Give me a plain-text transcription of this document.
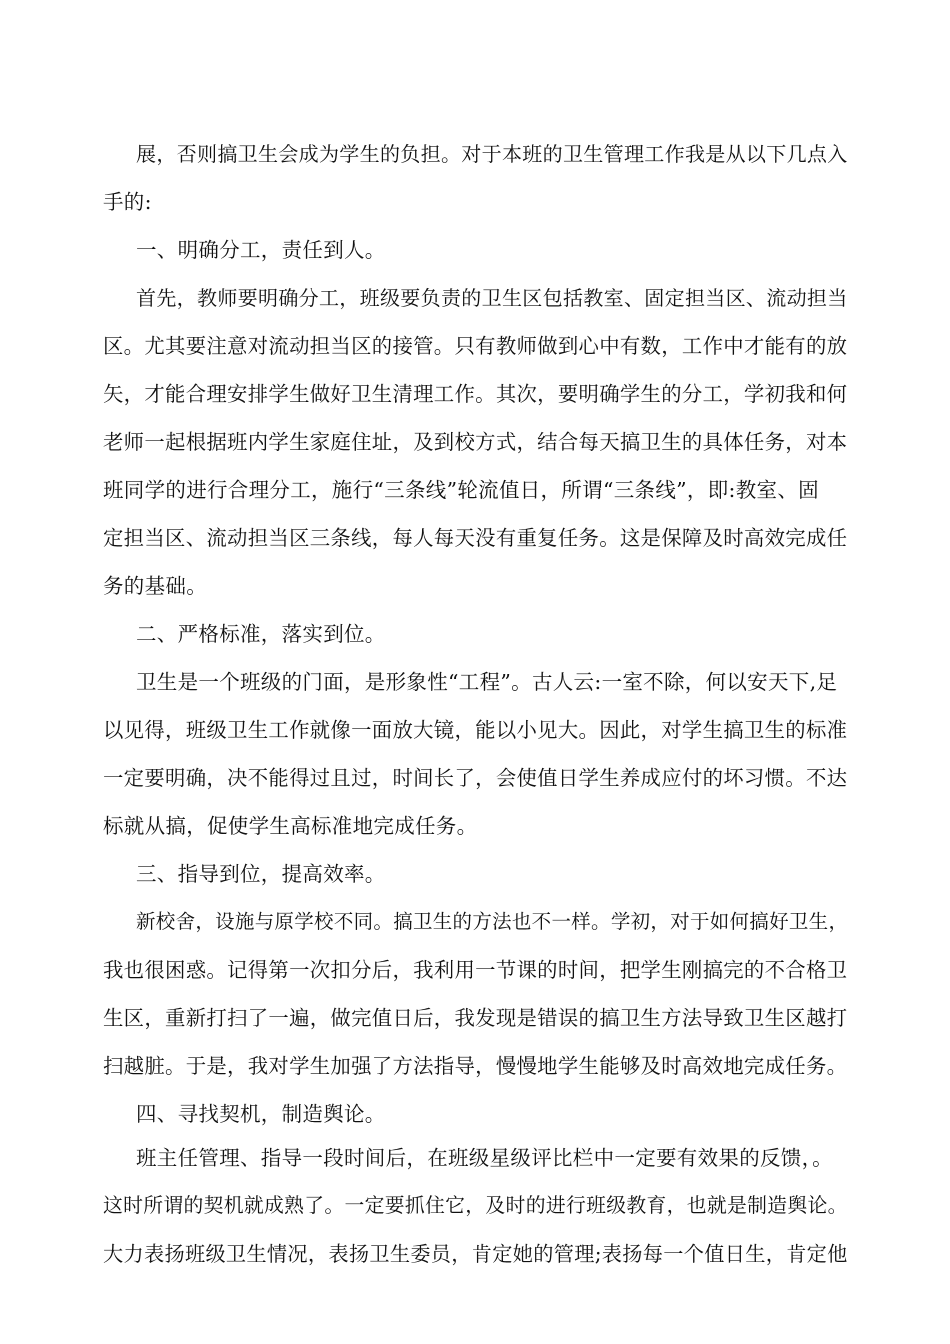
展，否则搞卫生会成为学生的负担。对于本班的卫生管理工作我是从以下几点入
手的:
一、明确分工，责任到人。
首先，教师要明确分工，班级要负责的卫生区包括教室、固定担当区、流动担当
区。尤其要注意对流动担当区的接管。只有教师做到心中有数，工作中才能有的放
矢，才能合理安排学生做好卫生清理工作。其次，要明确学生的分工，学初我和何
老师一起根据班内学生家庭住址，及到校方式，结合每天搞卫生的具体任务，对本
班同学的进行合理分工，施行“三条线”轮流值日，所谓“三条线”，即:教室、固
定担当区、流动担当区三条线，每人每天没有重复任务。这是保障及时高效完成任
务的基础。
二、严格标准，落实到位。
卫生是一个班级的门面，是形象性“工程”。古人云:一室不除，何以安天下,足
以见得，班级卫生工作就像一面放大镜，能以小见大。因此，对学生搞卫生的标准
一定要明确，决不能得过且过，时间长了，会使值日学生养成应付的坏习惯。不达
标就从搞，促使学生高标准地完成任务。
三、指导到位，提高效率。
新校舍，设施与原学校不同。搞卫生的方法也不一样。学初，对于如何搞好卫生，
我也很困惑。记得第一次扣分后，我利用一节课的时间，把学生刚搞完的不合格卫
生区，重新打扫了一遍，做完值日后，我发现是错误的搞卫生方法导致卫生区越打
扫越脏。于是，我对学生加强了方法指导，慢慢地学生能够及时高效地完成任务。
四、寻找契机，制造舆论。
班主任管理、指导一段时间后，在班级星级评比栏中一定要有效果的反馈，。
这时所谓的契机就成熟了。一定要抓住它，及时的进行班级教育，也就是制造舆论。
大力表扬班级卫生情况，表扬卫生委员，肯定她的管理;表扬每一个值日生，肯定他
